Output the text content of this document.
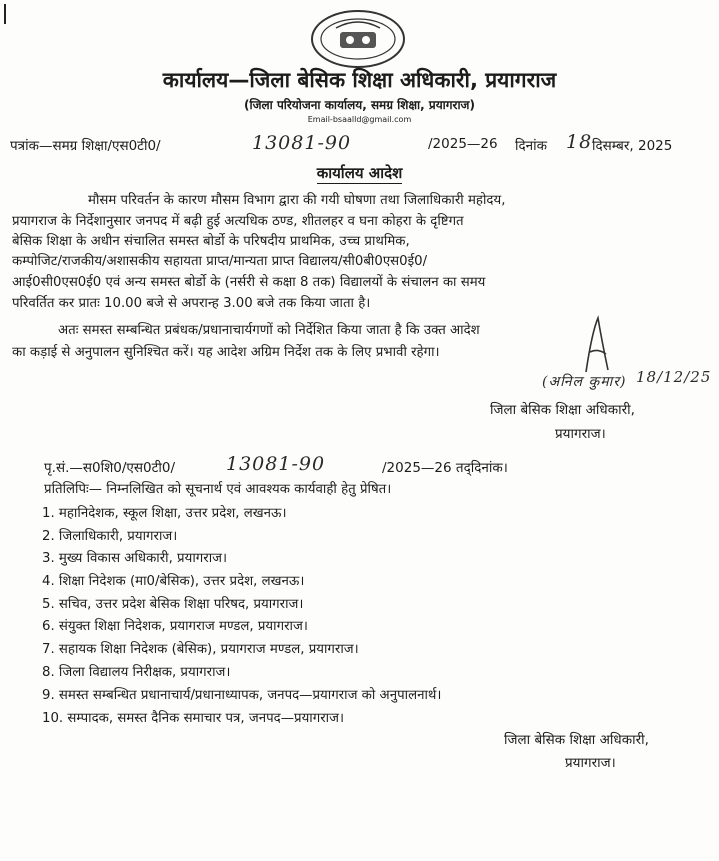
कार्यालय—जिला बेसिक शिक्षा अधिकारी, प्रयागराज
(जिला परियोजना कार्यालय, समग्र शिक्षा, प्रयागराज)
Email-bsaalld@gmail.com
पत्रांक—समग्र शिक्षा/एस0टी0/	13081-90	/2025—26 दिनांक 18 दिसम्बर, 2025
कार्यालय आदेश
मौसम परिवर्तन के कारण मौसम विभाग द्वारा की गयी घोषणा तथा जिलाधिकारी महोदय,
प्रयागराज के निर्देशानुसार जनपद में बढ़ी हुई अत्यधिक ठण्ड, शीतलहर व घना कोहरा के दृष्टिगत
बेसिक शिक्षा के अधीन संचालित समस्त बोर्डो के परिषदीय प्राथमिक, उच्च प्राथमिक,
कम्पोजिट/राजकीय/अशासकीय सहायता प्राप्त/मान्यता प्राप्त विद्यालय/सी0बी0एस0ई0/
आई0सी0एस0ई0 एवं अन्य समस्त बोर्डो के (नर्सरी से कक्षा 8 तक) विद्यालयों के संचालन का समय
परिवर्तित कर प्रातः 10.00 बजे से अपरान्ह 3.00 बजे तक किया जाता है।
अतः समस्त सम्बन्धित प्रबंधक/प्रधानाचार्यगणों को निर्देशित किया जाता है कि उक्त आदेश
का कड़ाई से अनुपालन सुनिश्चित करें। यह आदेश अग्रिम निर्देश तक के लिए प्रभावी रहेगा।
(अनिल कुमार) 18/12/25
जिला बेसिक शिक्षा अधिकारी,
प्रयागराज।
पृ.सं.—स0शि0/एस0टी0/	13081-90	/2025—26 तद्‌दिनांक।
प्रतिलिपिः— निम्नलिखित को सूचनार्थ एवं आवश्यक कार्यवाही हेतु प्रेषित।
1. महानिदेशक, स्कूल शिक्षा, उत्तर प्रदेश, लखनऊ।
2. जिलाधिकारी, प्रयागराज।
3. मुख्य विकास अधिकारी, प्रयागराज।
4. शिक्षा निदेशक (मा0/बेसिक), उत्तर प्रदेश, लखनऊ।
5. सचिव, उत्तर प्रदेश बेसिक शिक्षा परिषद, प्रयागराज।
6. संयुक्त शिक्षा निदेशक, प्रयागराज मण्डल, प्रयागराज।
7. सहायक शिक्षा निदेशक (बेसिक), प्रयागराज मण्डल, प्रयागराज।
8. जिला विद्यालय निरीक्षक, प्रयागराज।
9. समस्त सम्बन्धित प्रधानाचार्य/प्रधानाध्यापक, जनपद—प्रयागराज को अनुपालनार्थ।
10. सम्पादक, समस्त दैनिक समाचार पत्र, जनपद—प्रयागराज।
जिला बेसिक शिक्षा अधिकारी,
प्रयागराज।
